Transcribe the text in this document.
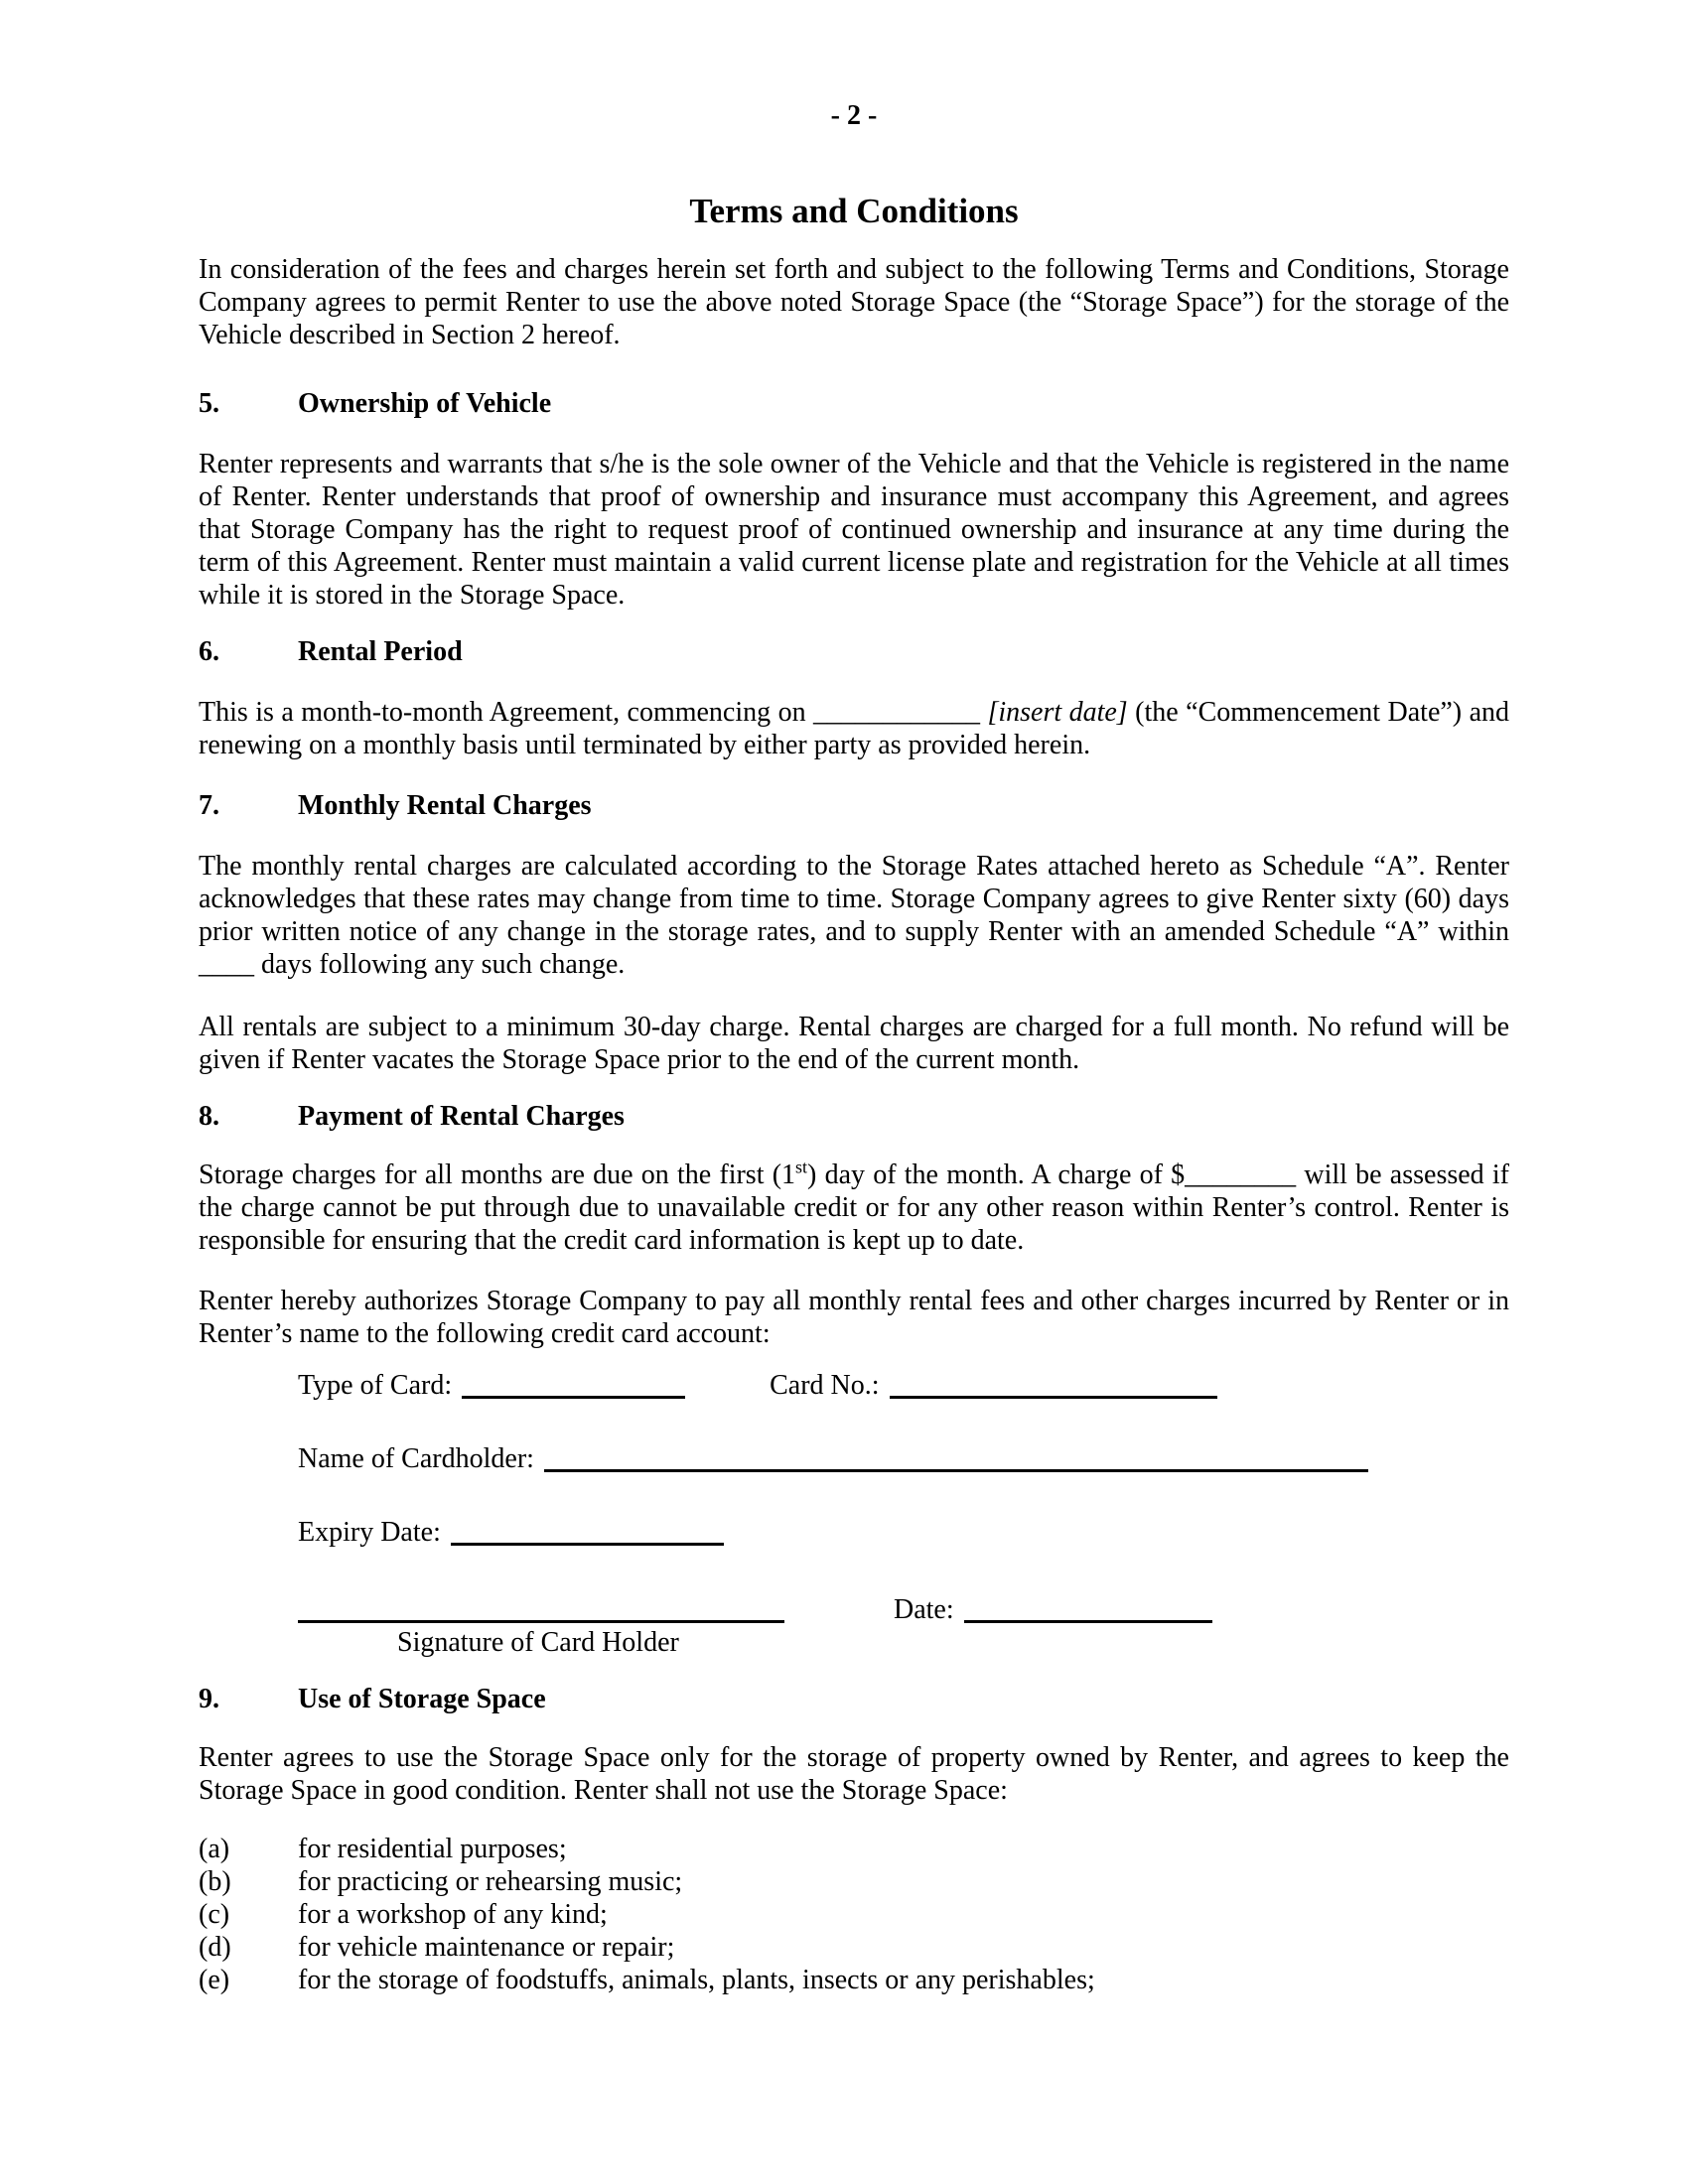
- 2 -
Terms and Conditions

In consideration of the fees and charges herein set forth and subject to the following Terms and Conditions, Storage Company agrees to permit Renter to use the above noted Storage Space (the “Storage Space”) for the storage of the Vehicle described in Section 2 hereof.

5.	Ownership of Vehicle

Renter represents and warrants that s/he is the sole owner of the Vehicle and that the Vehicle is registered in the name of Renter. Renter understands that proof of ownership and insurance must accompany this Agreement, and agrees that Storage Company has the right to request proof of continued ownership and insurance at any time during the term of this Agreement. Renter must maintain a valid current license plate and registration for the Vehicle at all times while it is stored in the Storage Space.

6.	Rental Period

This is a month-to-month Agreement, commencing on ____________ [insert date] (the “Commencement Date”) and renewing on a monthly basis until terminated by either party as provided herein.

7.	Monthly Rental Charges

The monthly rental charges are calculated according to the Storage Rates attached hereto as Schedule “A”. Renter acknowledges that these rates may change from time to time. Storage Company agrees to give Renter sixty (60) days prior written notice of any change in the storage rates, and to supply Renter with an amended Schedule “A” within ____ days following any such change.

All rentals are subject to a minimum 30-day charge. Rental charges are charged for a full month. No refund will be given if Renter vacates the Storage Space prior to the end of the current month.

8.	Payment of Rental Charges

Storage charges for all months are due on the first (1st) day of the month. A charge of $________ will be assessed if the charge cannot be put through due to unavailable credit or for any other reason within Renter’s control. Renter is responsible for ensuring that the credit card information is kept up to date.

Renter hereby authorizes Storage Company to pay all monthly rental fees and other charges incurred by Renter or in Renter’s name to the following credit card account:

Type of Card:	Card No.:
Name of Cardholder:
Expiry Date:
Date:
Signature of Card Holder
9.	Use of Storage Space

Renter agrees to use the Storage Space only for the storage of property owned by Renter, and agrees to keep the Storage Space in good condition. Renter shall not use the Storage Space:

(a) for residential purposes;
(b) for practicing or rehearsing music;
(c) for a workshop of any kind;
(d) for vehicle maintenance or repair;
(e) for the storage of foodstuffs, animals, plants, insects or any perishables;
